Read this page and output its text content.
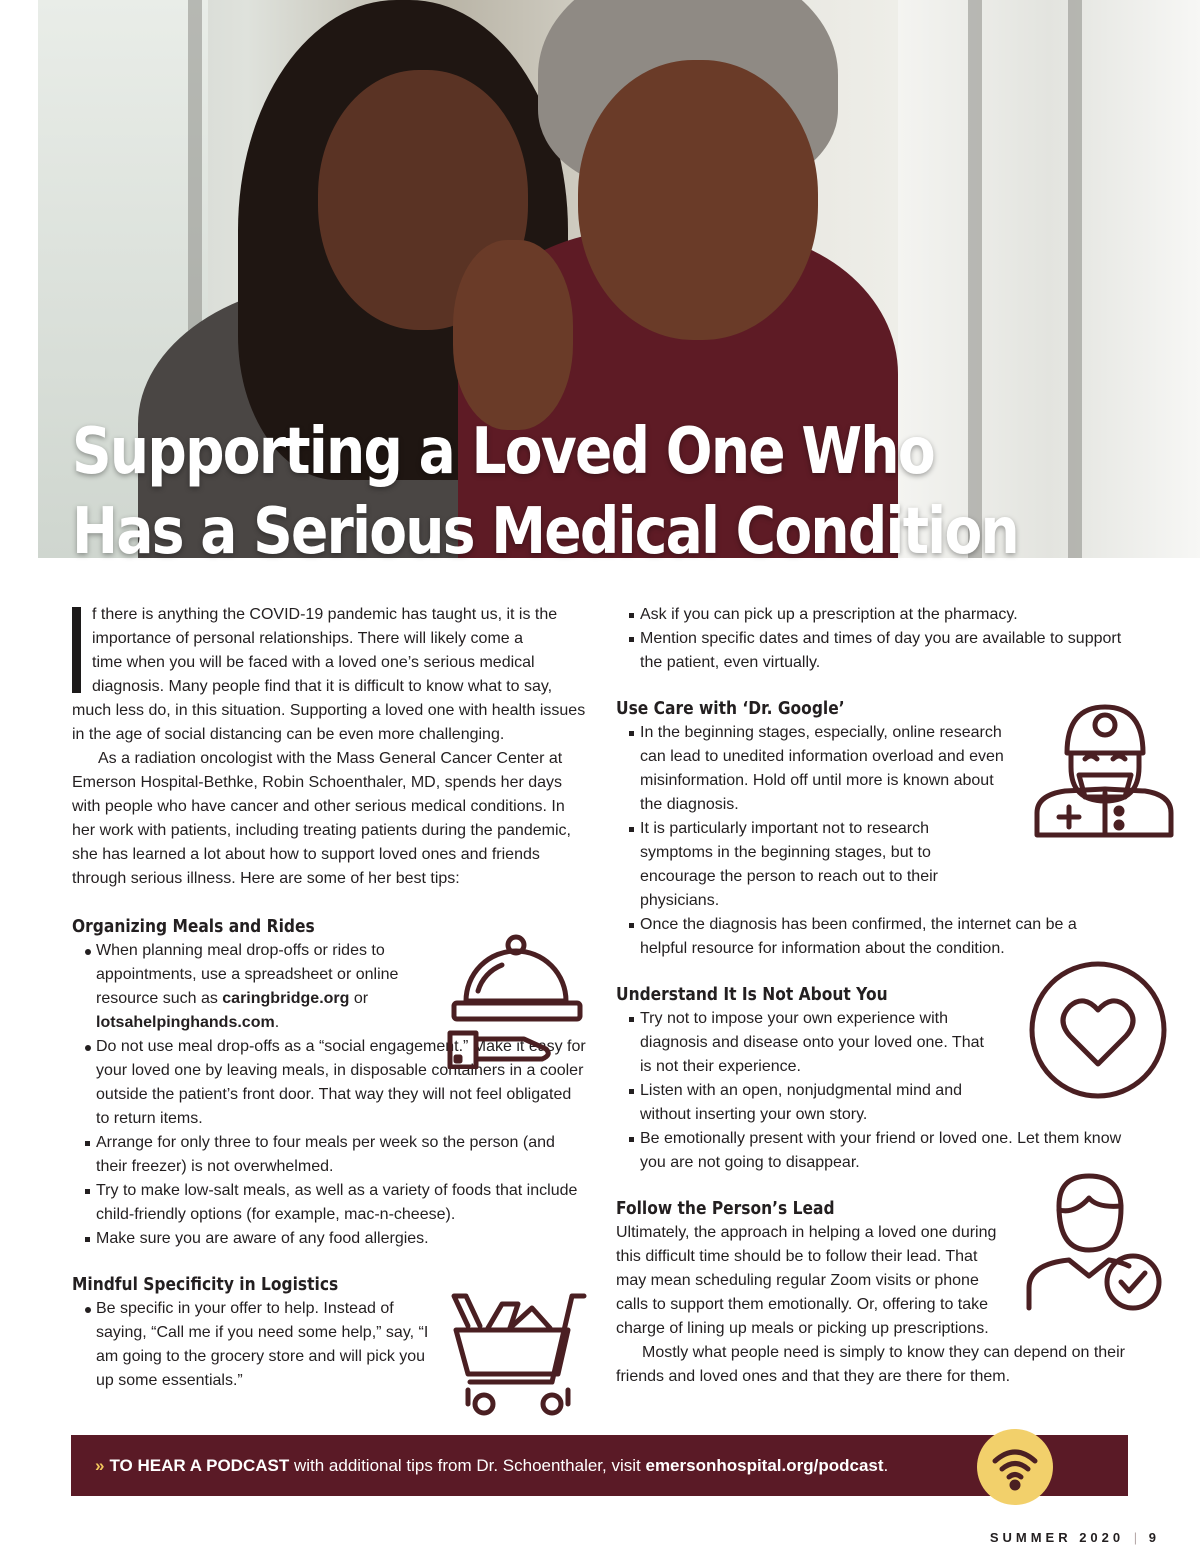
Supporting a Loved One Who
Has a Serious Medical Condition
f there is anything the COVID-19 pandemic has taught us, it is the
importance of personal relationships. There will likely come a
time when you will be faced with a loved one’s serious medical
diagnosis. Many people find that it is difficult to know what to say,

much less do, in this situation. Supporting a loved one with health issues in the age of social distancing can be even more challenging.

As a radiation oncologist with the Mass General Cancer Center at Emerson Hospital-Bethke, Robin Schoenthaler, MD, spends her days with people who have cancer and other serious medical conditions. In her work with patients, including treating patients during the pandemic, she has learned a lot about how to support loved ones and friends through serious illness. Here are some of her best tips:

Organizing Meals and Rides
When planning meal drop-offs or rides to appointments, use a spreadsheet or online resource such as caringbridge.org or lotsahelpinghands.com.
Do not use meal drop-offs as a “social engagement.” Make it easy for your loved one by leaving meals, in disposable containers in a cooler outside the patient’s front door. That way they will not feel obligated to return items.
Arrange for only three to four meals per week so the person (and their freezer) is not overwhelmed.
Try to make low-salt meals, as well as a variety of foods that include child-friendly options (for example, mac-n-cheese).
Make sure you are aware of any food allergies.
Mindful Specificity in Logistics
Be specific in your offer to help. Instead of saying, “Call me if you need some help,” say, “I am going to the grocery store and will pick you up some essentials.”
Ask if you can pick up a prescription at the pharmacy.
Mention specific dates and times of day you are available to support the patient, even virtually.
Use Care with ‘Dr. Google’
In the beginning stages, especially, online research can lead to unedited information overload and even misinformation. Hold off until more is known about the diagnosis.
It is particularly important not to research symptoms in the beginning stages, but to encourage the person to reach out to their physicians.
Once the diagnosis has been confirmed, the internet can be a helpful resource for information about the condition.
Understand It Is Not About You
Try not to impose your own experience with diagnosis and disease onto your loved one. That is not their experience.
Listen with an open, nonjudgmental mind and without inserting your own story.
Be emotionally present with your friend or loved one. Let them know you are not going to disappear.
Follow the Person’s Lead

Ultimately, the approach in helping a loved one during this difficult time should be to follow their lead. That may mean scheduling regular Zoom visits or phone calls to support them emotionally. Or, offering to take charge of lining up meals or picking up prescriptions.

Mostly what people need is simply to know they can depend on their friends and loved ones and that they are there for them.

» TO HEAR A PODCAST with additional tips from Dr. Schoenthaler, visit emersonhospital.org/podcast.
SUMMER 2020 | 9
